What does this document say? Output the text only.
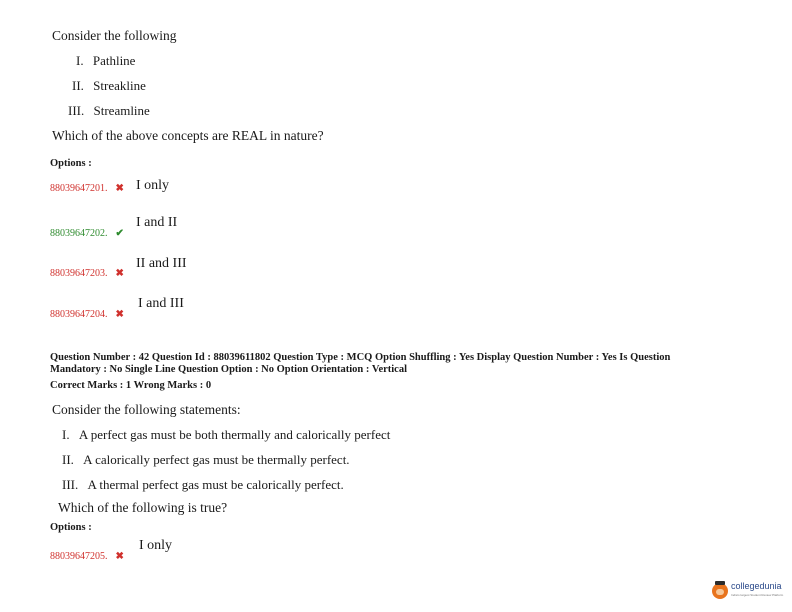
Consider the following
I. Pathline
II. Streakline
III. Streamline
Which of the above concepts are REAL in nature?
Options :
88039647201. ✖ I only
88039647202. ✔
I and II
88039647203. ✖
II and III
88039647204. ✖
I and III
Question Number : 42 Question Id : 88039611802 Question Type : MCQ Option Shuffling : Yes Display Question Number : Yes Is Question
Mandatory : No Single Line Question Option : No Option Orientation : Vertical
Correct Marks : 1 Wrong Marks : 0
Consider the following statements:
I. A perfect gas must be both thermally and calorically perfect
II. A calorically perfect gas must be thermally perfect.
III. A thermal perfect gas must be calorically perfect.
Which of the following is true?
Options :
88039647205. ✖
I only
collegedunia
India's largest Student Review Platform
